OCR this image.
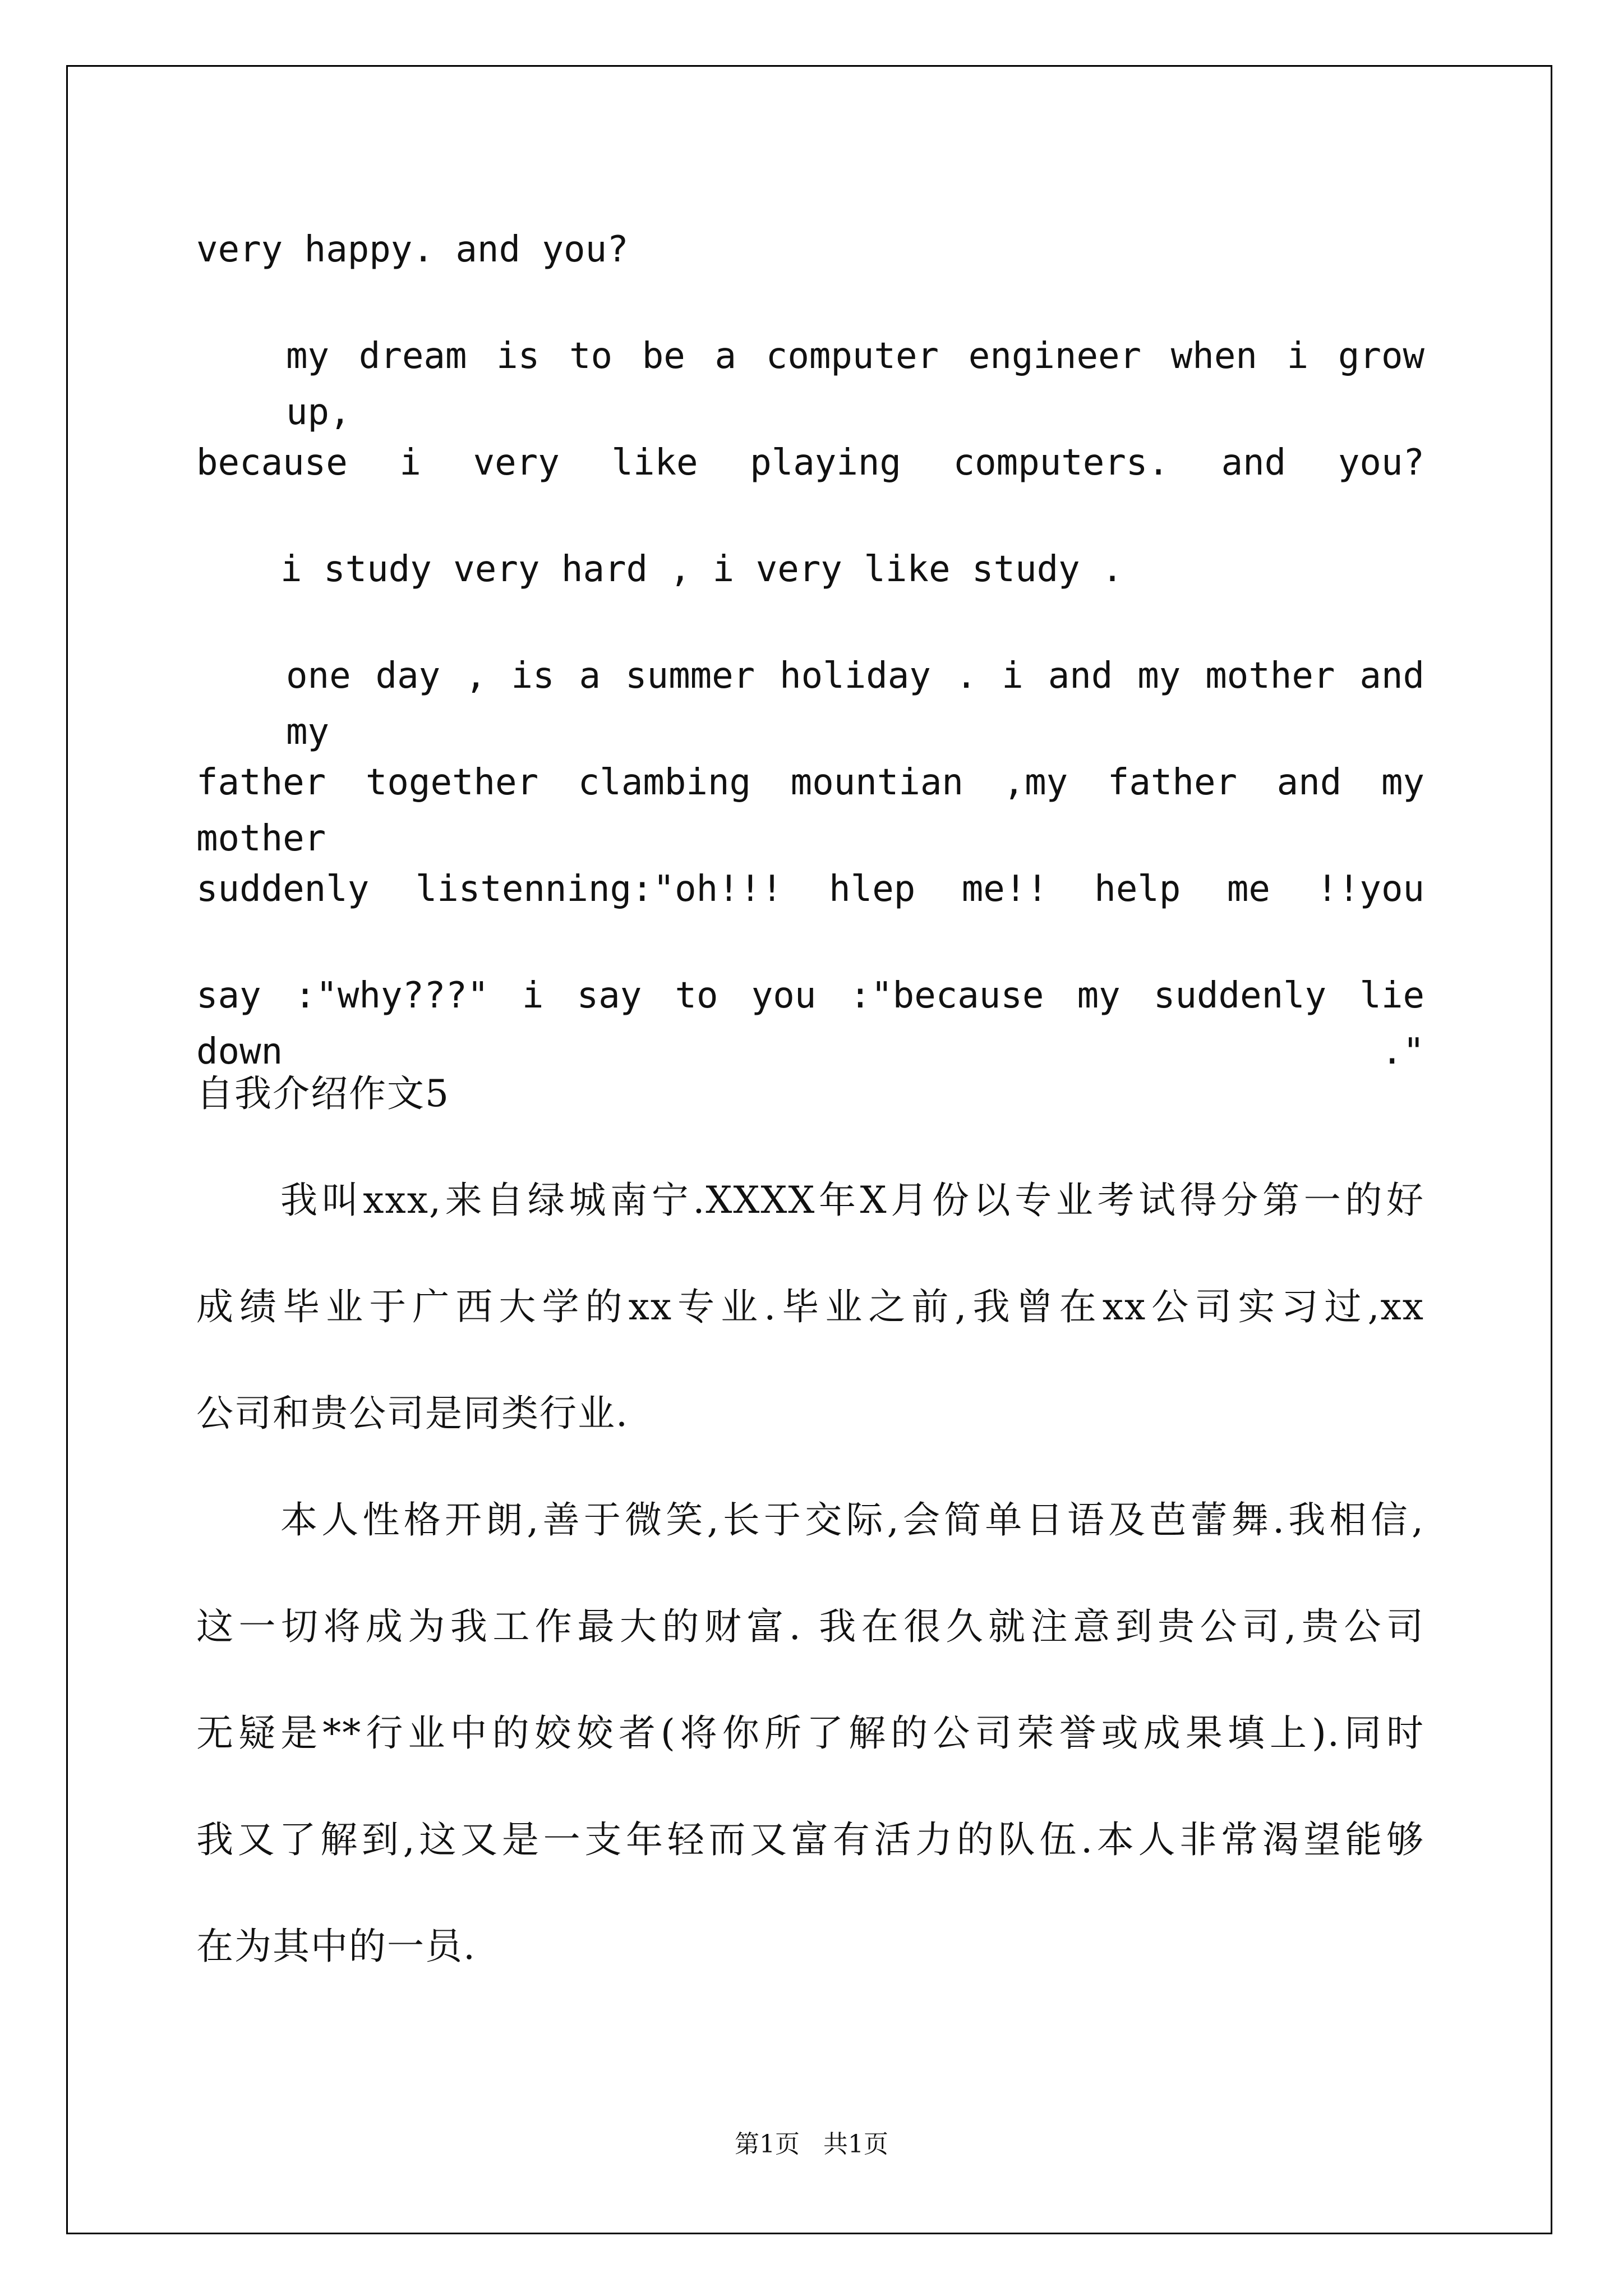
very happy. and you?
my dream is to be a computer engineer when i grow up,
because i very like playing computers. and you?
i study very hard , i very like study .
one day , is a summer holiday . i and my mother and my
father together clambing mountian ,my father and my mother
suddenly listenning:"oh!!! hlep me!! help me !!you
say :"why???" i say to you :"because my suddenly lie down ."
自我介绍作文5
我叫xxx,来自绿城南宁.XXXX年X月份以专业考试得分第一的好
成绩毕业于广西大学的xx专业.毕业之前,我曾在xx公司实习过,xx
公司和贵公司是同类行业.
本人性格开朗,善于微笑,长于交际,会简单日语及芭蕾舞.我相信,
这一切将成为我工作最大的财富. 我在很久就注意到贵公司,贵公司
无疑是**行业中的姣姣者(将你所了解的公司荣誉或成果填上).同时
我又了解到,这又是一支年轻而又富有活力的队伍.本人非常渴望能够
在为其中的一员.
第1页   共1页
